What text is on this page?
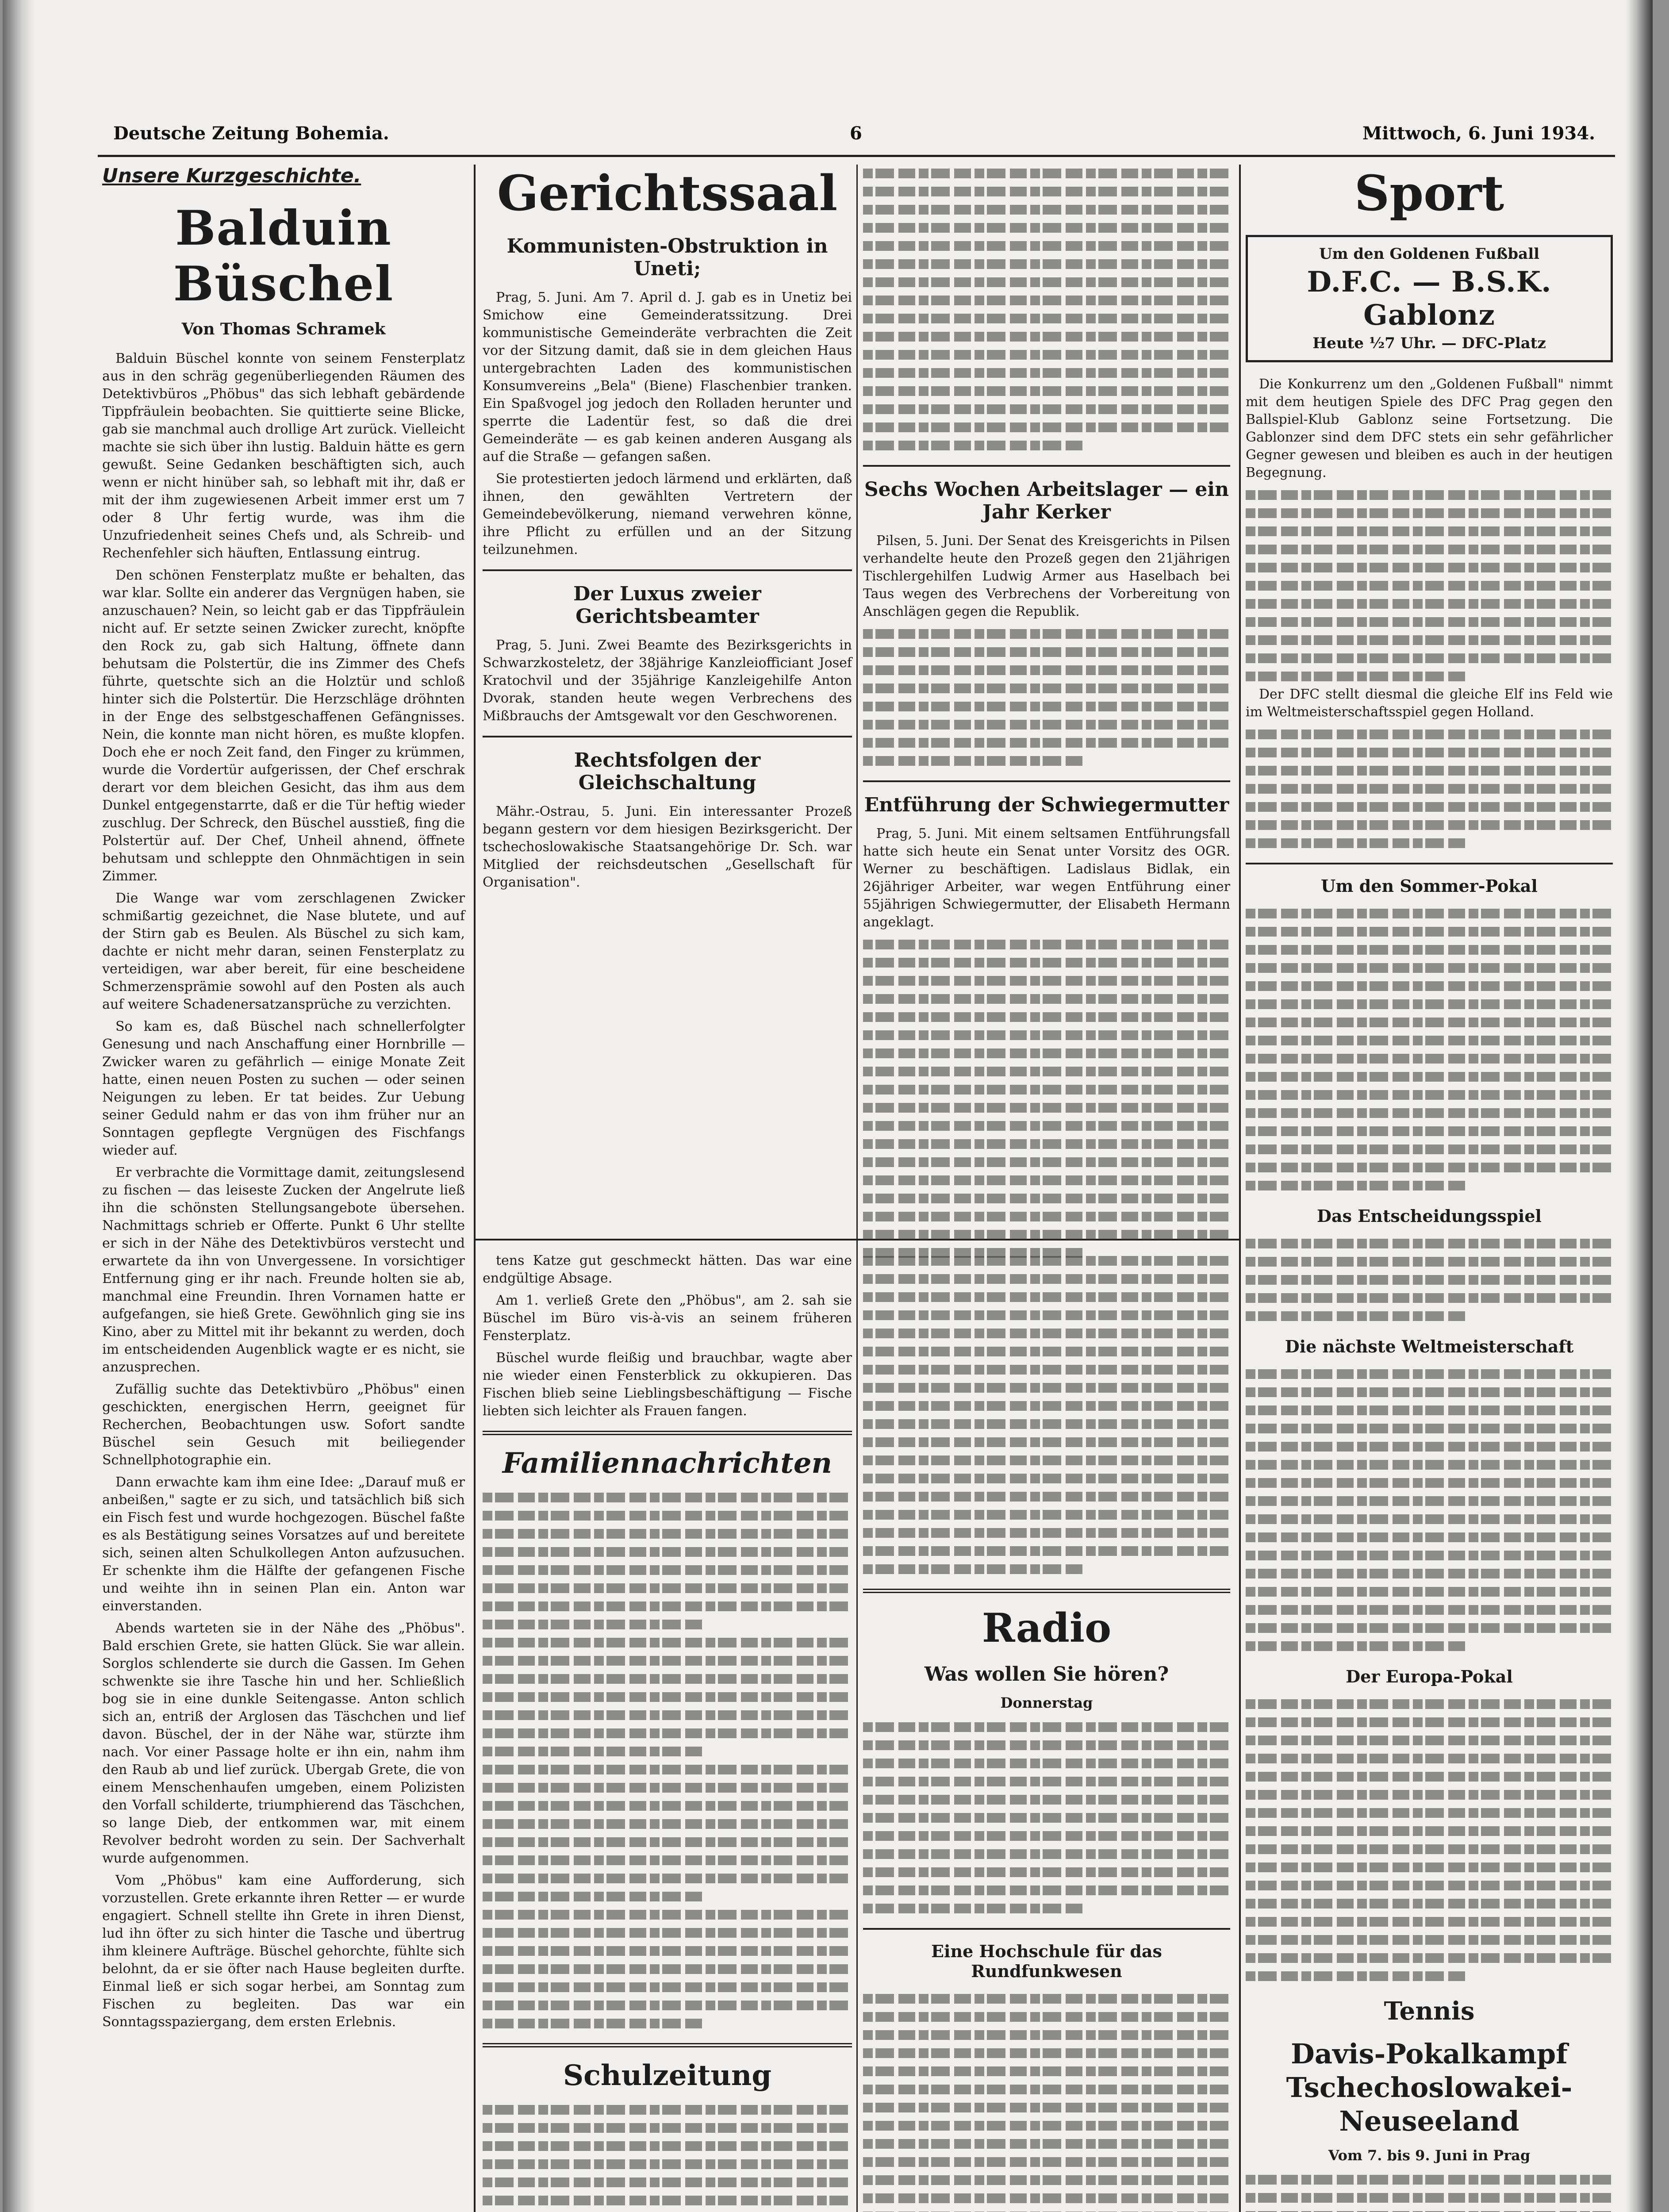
Deutsche Zeitung Bohemia.	6	Mittwoch, 6. Juni 1934.
Unsere Kurzgeschichte.
Balduin Büschel
Von Thomas Schramek

Balduin Büschel konnte von seinem Fensterplatz aus in den schräg gegenüberliegenden Räumen des Detektivbüros „Phöbus" das sich lebhaft gebärdende Tippfräulein beobachten. Sie quittierte seine Blicke, gab sie manchmal auch drollige Art zurück. Vielleicht machte sie sich über ihn lustig. Balduin hätte es gern gewußt. Seine Gedanken beschäftigten sich, auch wenn er nicht hinüber sah, so lebhaft mit ihr, daß er mit der ihm zugewiesenen Arbeit immer erst um 7 oder 8 Uhr fertig wurde, was ihm die Unzufriedenheit seines Chefs und, als Schreib- und Rechenfehler sich häuften, Entlassung eintrug.

Den schönen Fensterplatz mußte er behalten, das war klar. Sollte ein anderer das Vergnügen haben, sie anzuschauen? Nein, so leicht gab er das Tippfräulein nicht auf. Er setzte seinen Zwicker zurecht, knöpfte den Rock zu, gab sich Haltung, öffnete dann behutsam die Polstertür, die ins Zimmer des Chefs führte, quetschte sich an die Holztür und schloß hinter sich die Polstertür. Die Herzschläge dröhnten in der Enge des selbstgeschaffenen Gefängnisses. Nein, die konnte man nicht hören, es mußte klopfen. Doch ehe er noch Zeit fand, den Finger zu krümmen, wurde die Vordertür aufgerissen, der Chef erschrak derart vor dem bleichen Gesicht, das ihm aus dem Dunkel entgegenstarrte, daß er die Tür heftig wieder zuschlug. Der Schreck, den Büschel ausstieß, fing die Polstertür auf. Der Chef, Unheil ahnend, öffnete behutsam und schleppte den Ohnmächtigen in sein Zimmer.

Die Wange war vom zerschlagenen Zwicker schmißartig gezeichnet, die Nase blutete, und auf der Stirn gab es Beulen. Als Büschel zu sich kam, dachte er nicht mehr daran, seinen Fensterplatz zu verteidigen, war aber bereit, für eine bescheidene Schmerzensprämie sowohl auf den Posten als auch auf weitere Schadenersatzansprüche zu verzichten.

So kam es, daß Büschel nach schnellerfolgter Genesung und nach Anschaffung einer Hornbrille — Zwicker waren zu gefährlich — einige Monate Zeit hatte, einen neuen Posten zu suchen — oder seinen Neigungen zu leben. Er tat beides. Zur Uebung seiner Geduld nahm er das von ihm früher nur an Sonntagen gepflegte Vergnügen des Fischfangs wieder auf.

Er verbrachte die Vormittage damit, zeitungslesend zu fischen — das leiseste Zucken der Angelrute ließ ihn die schönsten Stellungsangebote übersehen. Nachmittags schrieb er Offerte. Punkt 6 Uhr stellte er sich in der Nähe des Detektivbüros verstecht und erwartete da ihn von Unvergessene. In vorsichtiger Entfernung ging er ihr nach. Freunde holten sie ab, manchmal eine Freundin. Ihren Vornamen hatte er aufgefangen, sie hieß Grete. Gewöhnlich ging sie ins Kino, aber zu Mittel mit ihr bekannt zu werden, doch im entscheidenden Augenblick wagte er es nicht, sie anzusprechen.

Zufällig suchte das Detektivbüro „Phöbus" einen geschickten, energischen Herrn, geeignet für Recherchen, Beobachtungen usw. Sofort sandte Büschel sein Gesuch mit beiliegender Schnellphotographie ein.

Dann erwachte kam ihm eine Idee: „Darauf muß er anbeißen," sagte er zu sich, und tatsächlich biß sich ein Fisch fest und wurde hochgezogen. Büschel faßte es als Bestätigung seines Vorsatzes auf und bereitete sich, seinen alten Schulkollegen Anton aufzusuchen. Er schenkte ihm die Hälfte der gefangenen Fische und weihte ihn in seinen Plan ein. Anton war einverstanden.

Abends warteten sie in der Nähe des „Phöbus". Bald erschien Grete, sie hatten Glück. Sie war allein. Sorglos schlenderte sie durch die Gassen. Im Gehen schwenkte sie ihre Tasche hin und her. Schließlich bog sie in eine dunkle Seitengasse. Anton schlich sich an, entriß der Arglosen das Täschchen und lief davon. Büschel, der in der Nähe war, stürzte ihm nach. Vor einer Passage holte er ihn ein, nahm ihm den Raub ab und lief zurück. Ubergab Grete, die von einem Menschenhaufen umgeben, einem Polizisten den Vorfall schilderte, triumphierend das Täschchen, so lange Dieb, der entkommen war, mit einem Revolver bedroht worden zu sein. Der Sachverhalt wurde aufgenommen.

Vom „Phöbus" kam eine Aufforderung, sich vorzustellen. Grete erkannte ihren Retter — er wurde engagiert. Schnell stellte ihn Grete in ihren Dienst, lud ihn öfter zu sich hinter die Tasche und übertrug ihm kleinere Aufträge. Büschel gehorchte, fühlte sich belohnt, da er sie öfter nach Hause begleiten durfte. Einmal ließ er sich sogar herbei, am Sonntag zum Fischen zu begleiten. Das war ein Sonntagsspaziergang, dem ersten Erlebnis.

Gerichtssaal
Kommunisten-Obstruktion in Uneti;

Prag, 5. Juni. Am 7. April d. J. gab es in Unetiz bei Smichow eine Gemeinderatssitzung. Drei kommunistische Gemeinderäte verbrachten die Zeit vor der Sitzung damit, daß sie in dem gleichen Haus untergebrachten Laden des kommunistischen Konsumvereins „Bela" (Biene) Flaschenbier tranken. Ein Spaßvogel jog jedoch den Rolladen herunter und sperrte die Ladentür fest, so daß die drei Gemeinderäte — es gab keinen anderen Ausgang als auf die Straße — gefangen saßen.

Sie protestierten jedoch lärmend und erklärten, daß ihnen, den gewählten Vertretern der Gemeindebevölkerung, niemand verwehren könne, ihre Pflicht zu erfüllen und an der Sitzung teilzunehmen.

Der Luxus zweier Gerichtsbeamter

Prag, 5. Juni. Zwei Beamte des Bezirksgerichts in Schwarzkosteletz, der 38jährige Kanzleiofficiant Josef Kratochvil und der 35jährige Kanzleigehilfe Anton Dvorak, standen heute wegen Verbrechens des Mißbrauchs der Amtsgewalt vor den Geschworenen.

Rechtsfolgen der Gleichschaltung

Mähr.-Ostrau, 5. Juni. Ein interessanter Prozeß begann gestern vor dem hiesigen Bezirksgericht. Der tschechoslowakische Staatsangehörige Dr. Sch. war Mitglied der reichsdeutschen „Gesellschaft für Organisation".

tens Katze gut geschmeckt hätten. Das war eine endgültige Absage.

Am 1. verließ Grete den „Phöbus", am 2. sah sie Büschel im Büro vis-à-vis an seinem früheren Fensterplatz.

Büschel wurde fleißig und brauchbar, wagte aber nie wieder einen Fensterblick zu okkupieren. Das Fischen blieb seine Lieblingsbeschäftigung — Fische liebten sich leichter als Frauen fangen.

Familiennachrichten
Schulzeitung
Sechs Wochen Arbeitslager — ein Jahr Kerker

Pilsen, 5. Juni. Der Senat des Kreisgerichts in Pilsen verhandelte heute den Prozeß gegen den 21jährigen Tischlergehilfen Ludwig Armer aus Haselbach bei Taus wegen des Verbrechens der Vorbereitung von Anschlägen gegen die Republik.

Entführung der Schwiegermutter

Prag, 5. Juni. Mit einem seltsamen Entführungsfall hatte sich heute ein Senat unter Vorsitz des OGR. Werner zu beschäftigen. Ladislaus Bidlak, ein 26jähriger Arbeiter, war wegen Entführung einer 55jährigen Schwiegermutter, der Elisabeth Hermann angeklagt.

Radio
Was wollen Sie hören?
Donnerstag
Eine Hochschule für das Rundfunkwesen
Sport
Um den Goldenen Fußball
D.F.C. — B.S.K. Gablonz
Heute ½7 Uhr. — DFC-Platz

Die Konkurrenz um den „Goldenen Fußball" nimmt mit dem heutigen Spiele des DFC Prag gegen den Ballspiel-Klub Gablonz seine Fortsetzung. Die Gablonzer sind dem DFC stets ein sehr gefährlicher Gegner gewesen und bleiben es auch in der heutigen Begegnung.

Der DFC stellt diesmal die gleiche Elf ins Feld wie im Weltmeisterschaftsspiel gegen Holland.

Um den Sommer-Pokal
Das Entscheidungsspiel
Die nächste Weltmeisterschaft
Der Europa-Pokal
Tennis
Davis-Pokalkampf Tschechoslowakei-Neuseeland
Vom 7. bis 9. Juni in Prag
